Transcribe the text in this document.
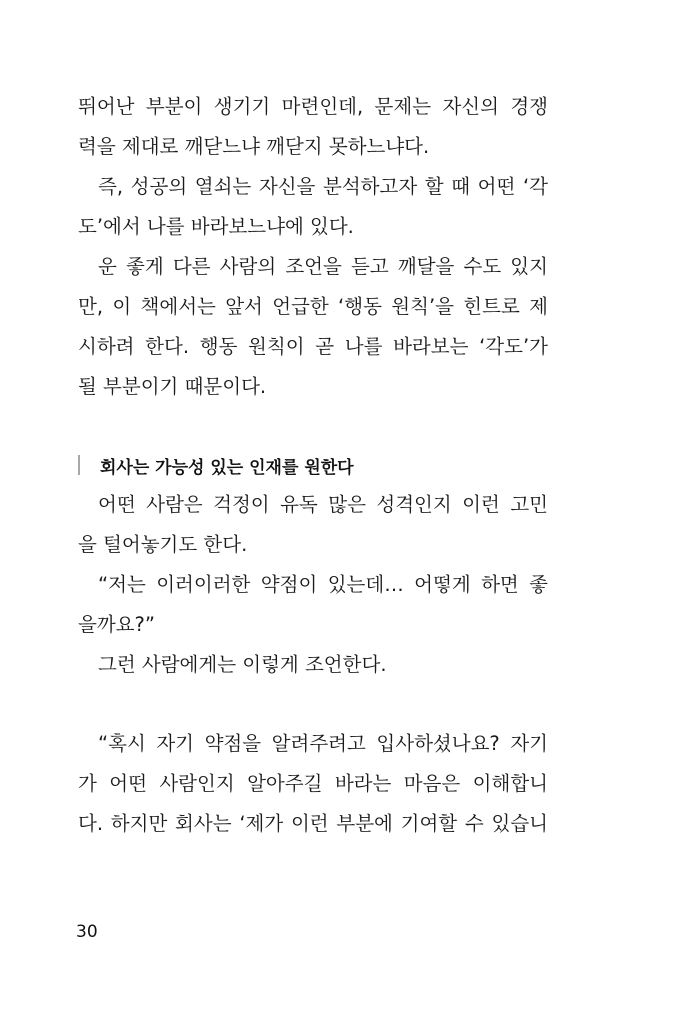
뛰어난 부분이 생기기 마련인데, 문제는 자신의 경쟁
력을 제대로 깨닫느냐 깨닫지 못하느냐다.
즉, 성공의 열쇠는 자신을 분석하고자 할 때 어떤 ‘각
도’에서 나를 바라보느냐에 있다.
운 좋게 다른 사람의 조언을 듣고 깨달을 수도 있지
만, 이 책에서는 앞서 언급한 ‘행동 원칙’을 힌트로 제
시하려 한다. 행동 원칙이 곧 나를 바라보는 ‘각도’가
될 부분이기 때문이다.
회사는 가능성 있는 인재를 원한다
어떤 사람은 걱정이 유독 많은 성격인지 이런 고민
을 털어놓기도 한다.
“저는 이러이러한 약점이 있는데… 어떻게 하면 좋
을까요?”
그런 사람에게는 이렇게 조언한다.
“혹시 자기 약점을 알려주려고 입사하셨나요? 자기
가 어떤 사람인지 알아주길 바라는 마음은 이해합니
다. 하지만 회사는 ‘제가 이런 부분에 기여할 수 있습니
30
